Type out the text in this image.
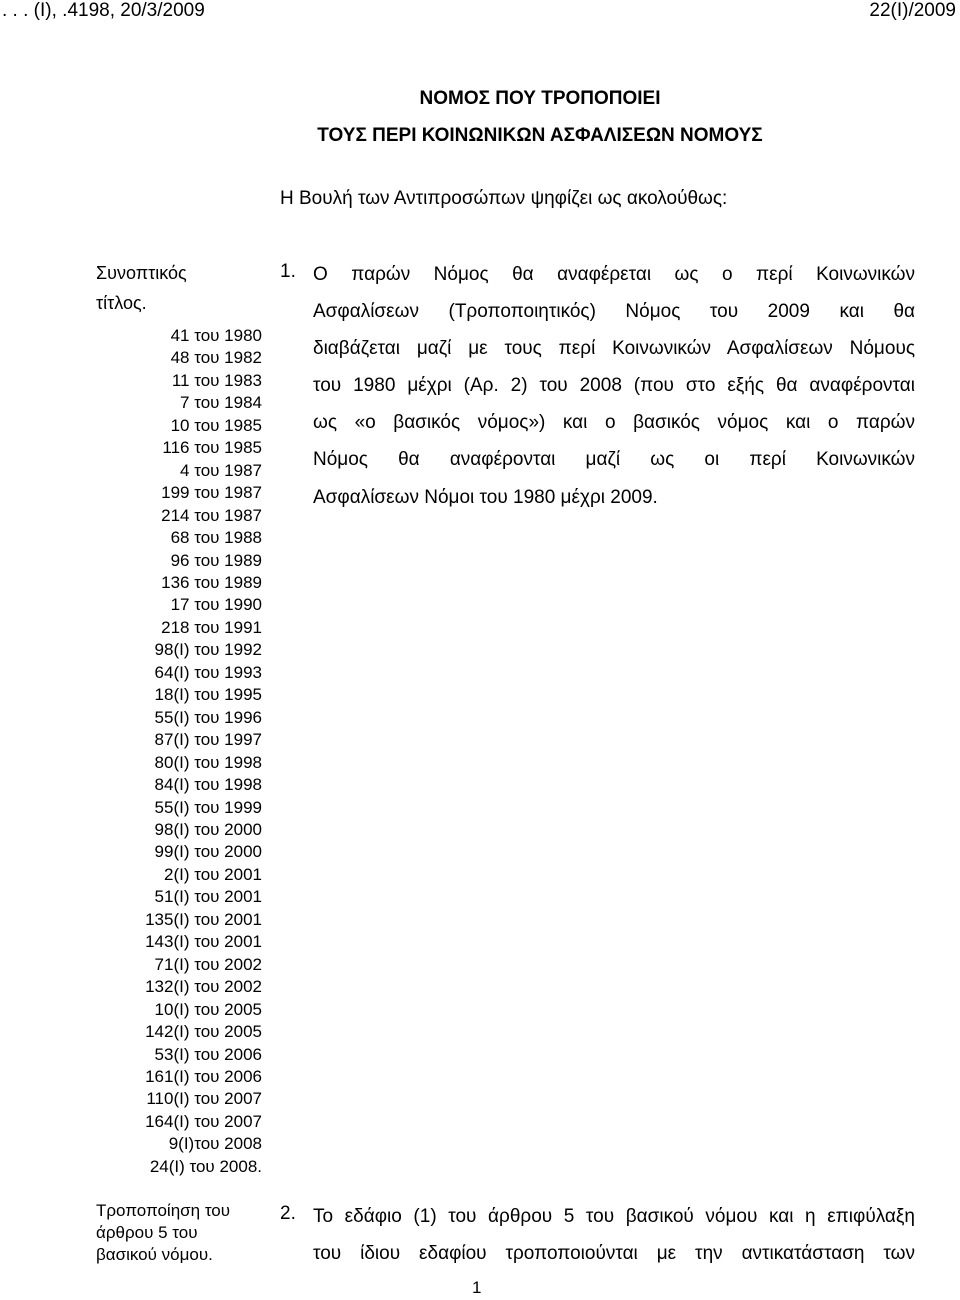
. . . (Ι), .4198, 20/3/2009	22(Ι)/2009
ΝΟΜΟΣ ΠΟΥ ΤΡΟΠΟΠΟΙΕΙ
ΤΟΥΣ ΠΕΡΙ ΚΟΙΝΩΝΙΚΩΝ ΑΣΦΑΛΙΣΕΩΝ ΝΟΜΟΥΣ
Η Βουλή των Αντιπροσώπων ψηφίζει ως ακολούθως:
Συνοπτικός
τίτλος.
41 του 1980
48 του 1982
11 του 1983
7 του 1984
10 του 1985
116 του 1985
4 του 1987
199 του 1987
214 του 1987
68 του 1988
96 του 1989
136 του 1989
17 του 1990
218 του 1991
98(Ι) του 1992
64(Ι) του 1993
18(Ι) του 1995
55(Ι) του 1996
87(Ι) του 1997
80(Ι) του 1998
84(Ι) του 1998
55(Ι) του 1999
98(Ι) του 2000
99(Ι) του 2000
2(Ι) του 2001
51(Ι) του 2001
135(Ι) του 2001
143(Ι) του 2001
71(Ι) του 2002
132(Ι) του 2002
10(Ι) του 2005
142(Ι) του 2005
53(Ι) του 2006
161(Ι) του 2006
110(Ι) του 2007
164(Ι) του 2007
9(Ι)του 2008
24(Ι) του 2008.
1. Ο παρών Νόμος θα αναφέρεται ως ο περί Κοινωνικών
Ασφαλίσεων (Τροποποιητικός) Νόμος του 2009 και θα
διαβάζεται μαζί με τους περί Κοινωνικών Ασφαλίσεων Νόμους
του 1980 μέχρι (Αρ. 2) του 2008 (που στο εξής θα αναφέρονται
ως «ο βασικός νόμος») και ο βασικός νόμος και ο παρών
Νόμος θα αναφέρονται μαζί ως οι περί Κοινωνικών
Ασφαλίσεων Νόμοι του 1980 μέχρι 2009.
Τροποποίηση του
άρθρου 5 του
βασικού νόμου.
2. Το εδάφιο (1) του άρθρου 5 του βασικού νόμου και η επιφύλαξη
του ίδιου εδαφίου τροποποιούνται με την αντικατάσταση των
1
